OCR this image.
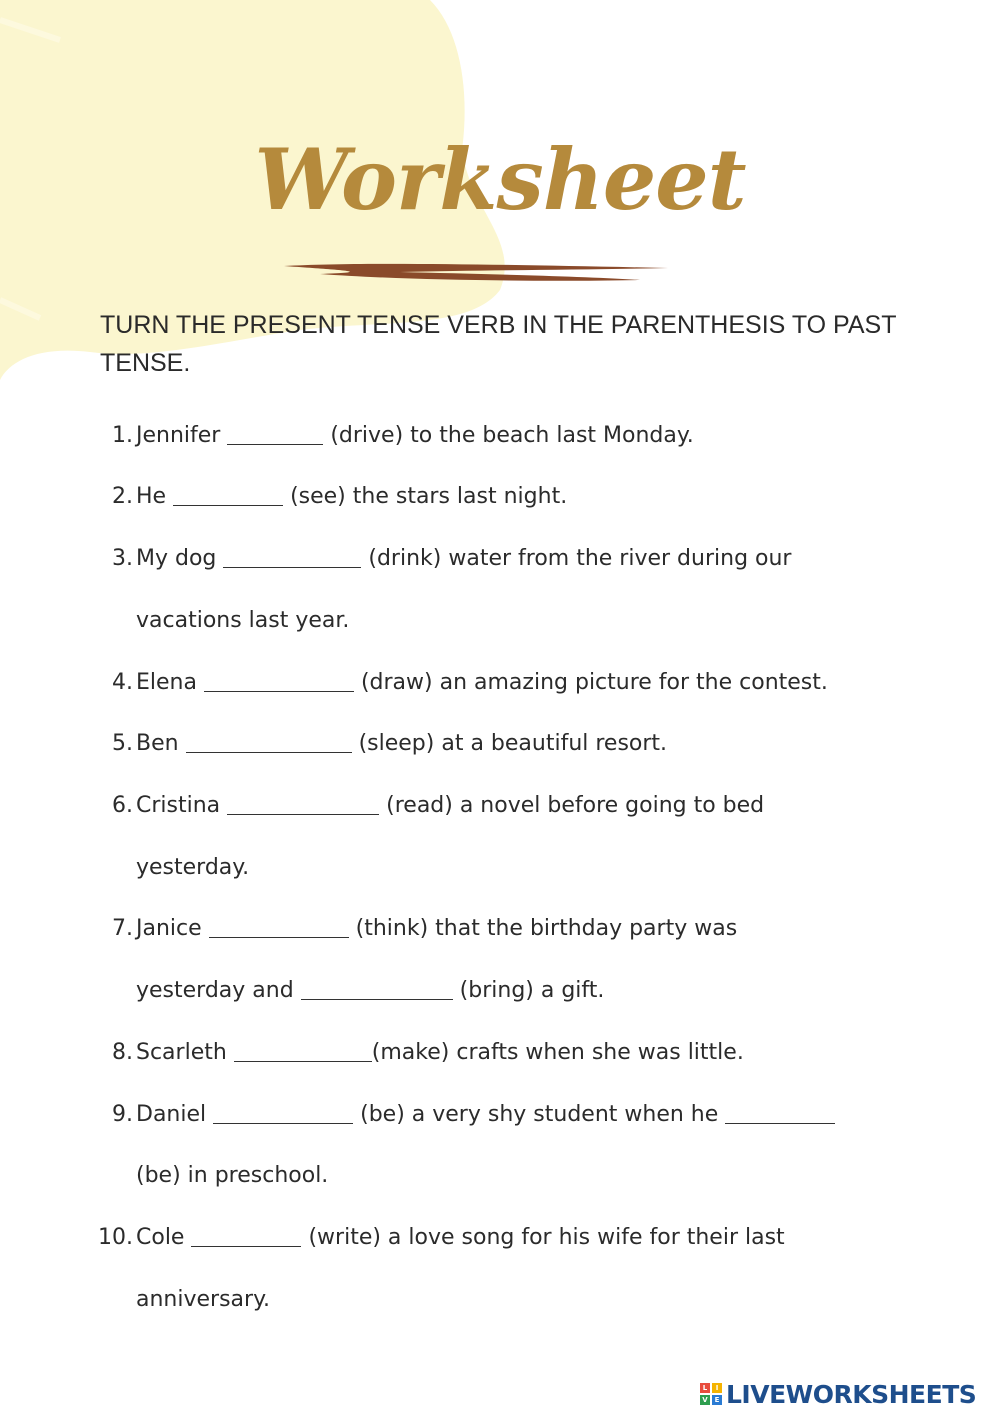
Worksheet

TURN THE PRESENT TENSE VERB IN THE PARENTHESIS TO PAST TENSE.

1. Jennifer	(drive) to the beach last Monday.
2. He	(see) the stars last night.
3. My dog	(drink) water from the river during our
vacations last year.
4. Elena	(draw) an amazing picture for the contest.
5. Ben	(sleep) at a beautiful resort.
6. Cristina	(read) a novel before going to bed
yesterday.
7. Janice	(think) that the birthday party was
yesterday and	(bring) a gift.
8. Scarleth	(make) crafts when she was little.
9. Daniel	(be) a very shy student when he
(be) in preschool.
10. Cole	(write) a love song for his wife for their last
anniversary.
L	I
V E LIVEWORKSHEETS
